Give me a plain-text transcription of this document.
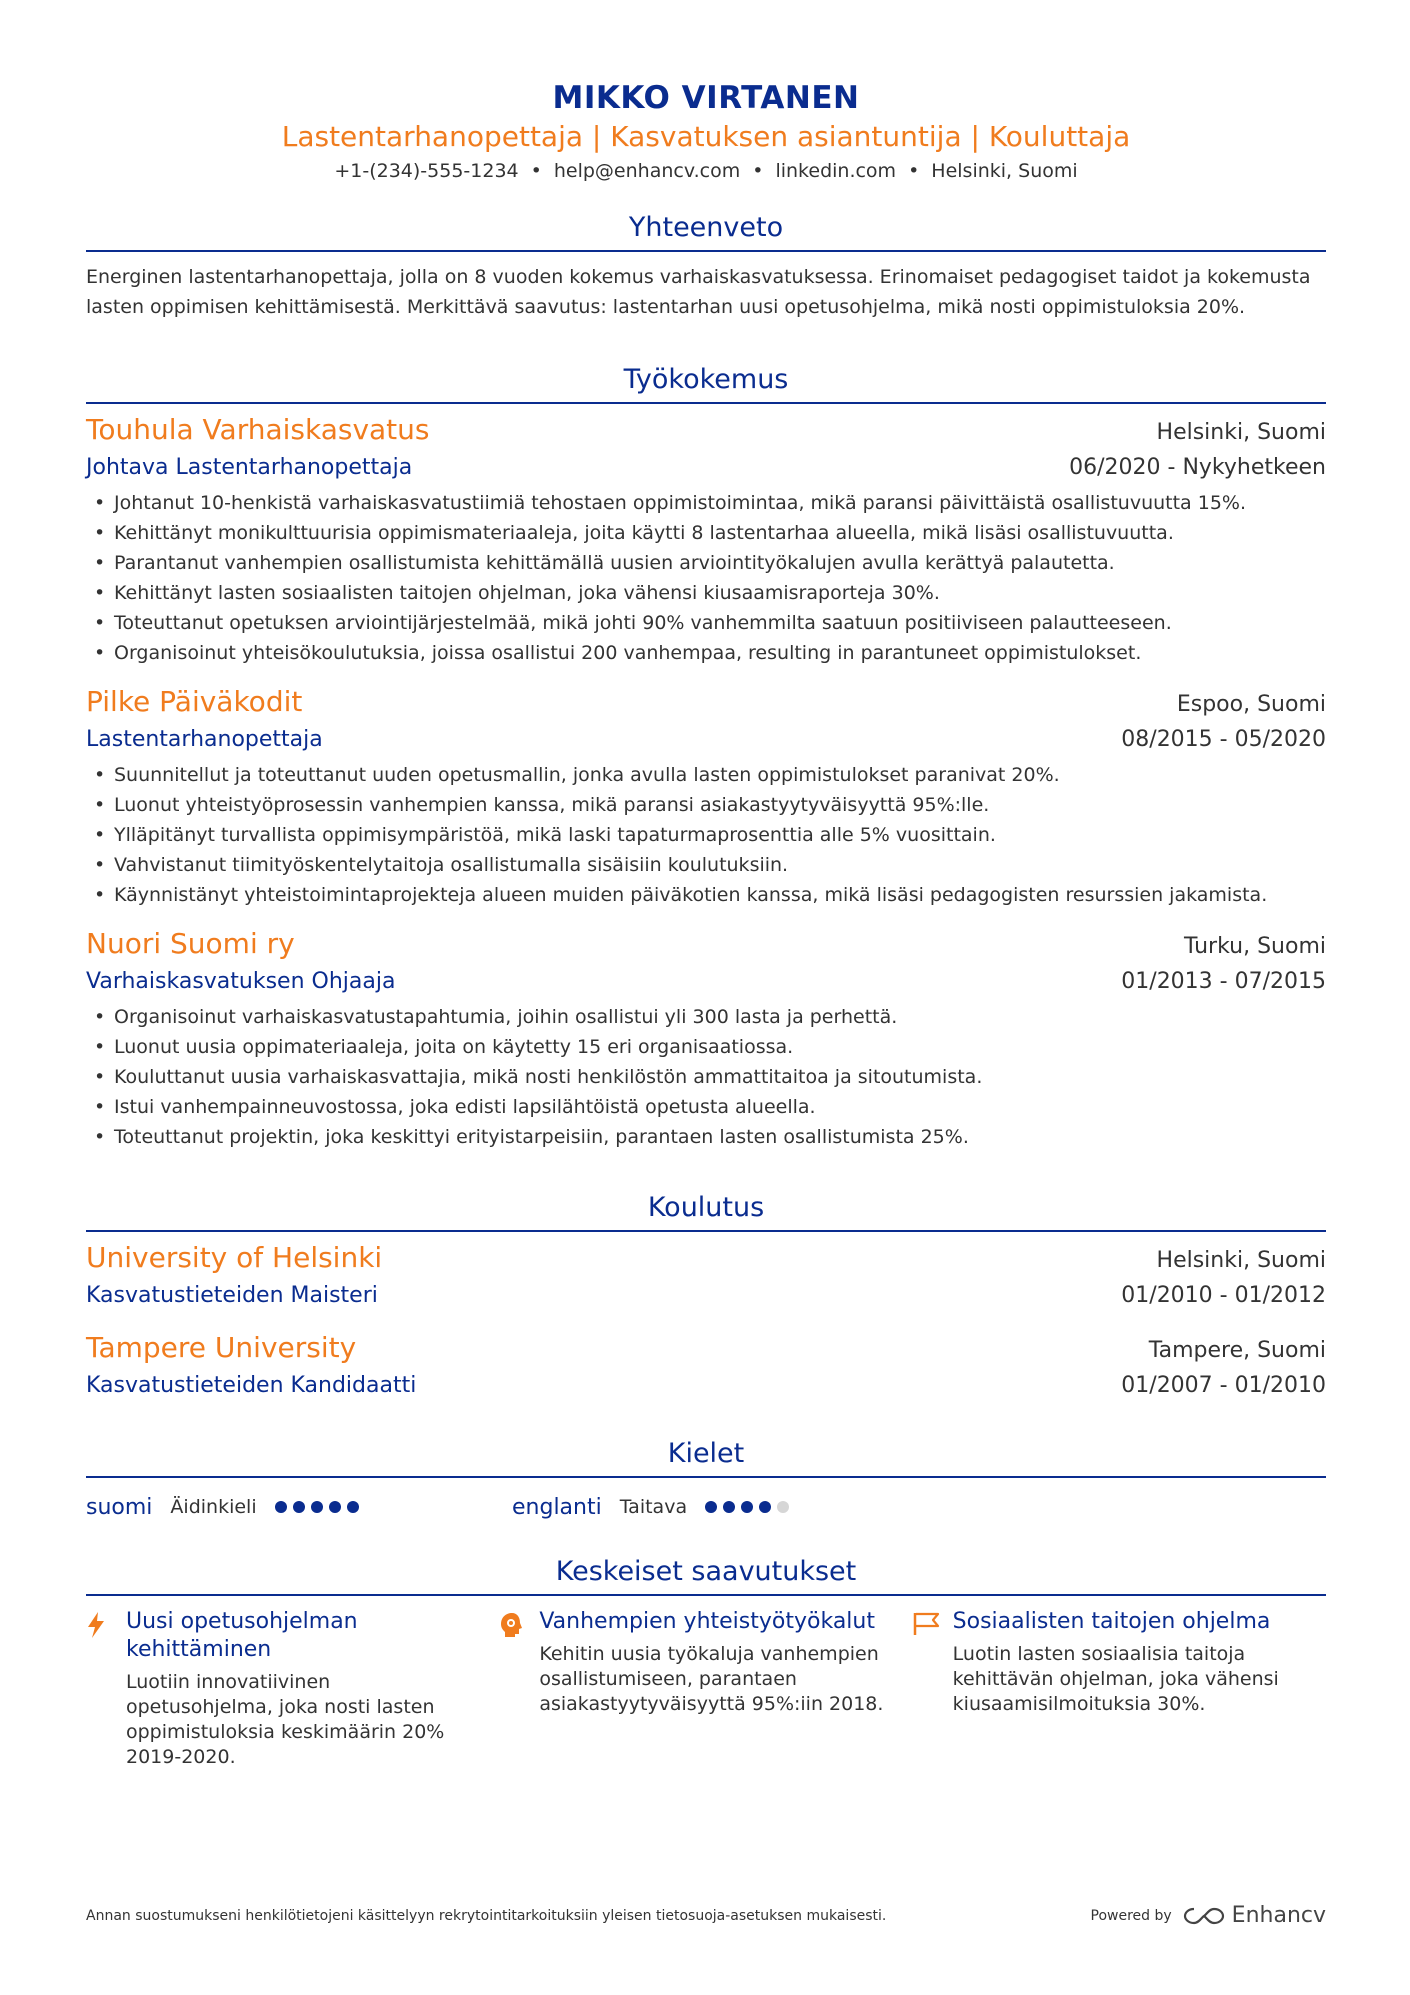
MIKKO VIRTANEN
Lastentarhanopettaja | Kasvatuksen asiantuntija | Kouluttaja
+1-(234)-555-1234 • help@enhancv.com • linkedin.com • Helsinki, Suomi
Yhteenveto
Energinen lastentarhanopettaja, jolla on 8 vuoden kokemus varhaiskasvatuksessa. Erinomaiset pedagogiset taidot ja kokemusta lasten oppimisen kehittämisestä. Merkittävä saavutus: lastentarhan uusi opetusohjelma, mikä nosti oppimistuloksia 20%.
Työkokemus
Touhula Varhaiskasvatus	Helsinki, Suomi
Johtava Lastentarhanopettaja	06/2020 - Nykyhetkeen
• Johtanut 10-henkistä varhaiskasvatustiimiä tehostaen oppimistoimintaa, mikä paransi päivittäistä osallistuvuutta 15%.
• Kehittänyt monikulttuurisia oppimismateriaaleja, joita käytti 8 lastentarhaa alueella, mikä lisäsi osallistuvuutta.
• Parantanut vanhempien osallistumista kehittämällä uusien arviointityökalujen avulla kerättyä palautetta.
• Kehittänyt lasten sosiaalisten taitojen ohjelman, joka vähensi kiusaamisraporteja 30%.
• Toteuttanut opetuksen arviointijärjestelmää, mikä johti 90% vanhemmilta saatuun positiiviseen palautteeseen.
• Organisoinut yhteisökoulutuksia, joissa osallistui 200 vanhempaa, resulting in parantuneet oppimistulokset.
Pilke Päiväkodit	Espoo, Suomi
Lastentarhanopettaja	08/2015 - 05/2020
• Suunnitellut ja toteuttanut uuden opetusmallin, jonka avulla lasten oppimistulokset paranivat 20%.
• Luonut yhteistyöprosessin vanhempien kanssa, mikä paransi asiakastyytyväisyyttä 95%:lle.
• Ylläpitänyt turvallista oppimisympäristöä, mikä laski tapaturmaprosenttia alle 5% vuosittain.
• Vahvistanut tiimityöskentelytaitoja osallistumalla sisäisiin koulutuksiin.
• Käynnistänyt yhteistoimintaprojekteja alueen muiden päiväkotien kanssa, mikä lisäsi pedagogisten resurssien jakamista.
Nuori Suomi ry	Turku, Suomi
Varhaiskasvatuksen Ohjaaja	01/2013 - 07/2015
• Organisoinut varhaiskasvatustapahtumia, joihin osallistui yli 300 lasta ja perhettä.
• Luonut uusia oppimateriaaleja, joita on käytetty 15 eri organisaatiossa.
• Kouluttanut uusia varhaiskasvattajia, mikä nosti henkilöstön ammattitaitoa ja sitoutumista.
• Istui vanhempainneuvostossa, joka edisti lapsilähtöistä opetusta alueella.
• Toteuttanut projektin, joka keskittyi erityistarpeisiin, parantaen lasten osallistumista 25%.
Koulutus
University of Helsinki	Helsinki, Suomi
Kasvatustieteiden Maisteri	01/2010 - 01/2012
Tampere University	Tampere, Suomi
Kasvatustieteiden Kandidaatti	01/2007 - 01/2010
Kielet
suomi Äidinkieli	englanti Taitava
Keskeiset saavutukset
Uusi opetusohjelman kehittäminen
Luotiin innovatiivinen opetusohjelma, joka nosti lasten oppimistuloksia keskimäärin 20% 2019-2020.
Vanhempien yhteistyötyökalut
Kehitin uusia työkaluja vanhempien osallistumiseen, parantaen asiakastyytyväisyyttä 95%:iin 2018.
Sosiaalisten taitojen ohjelma
Luotin lasten sosiaalisia taitoja kehittävän ohjelman, joka vähensi kiusaamisilmoituksia 30%.
Annan suostumukseni henkilötietojeni käsittelyyn rekrytointitarkoituksiin yleisen tietosuoja-asetuksen mukaisesti.	Powered by	Enhancv
